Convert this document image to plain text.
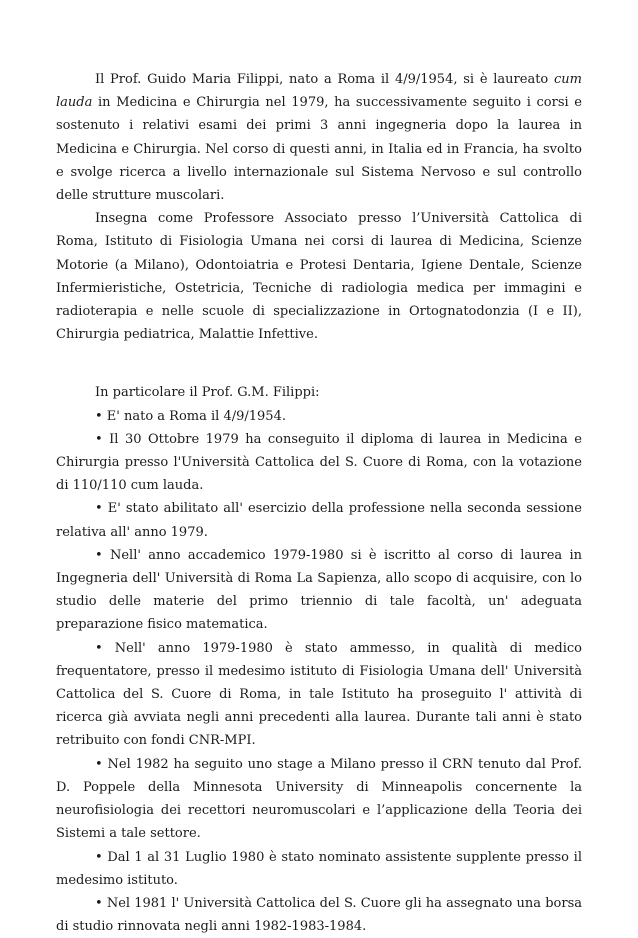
Il Prof. Guido Maria Filippi, nato a Roma il 4/9/1954, si è laureato cum lauda in Medicina e Chirurgia nel 1979, ha successivamente seguito i corsi e sostenuto i relativi esami dei primi 3 anni ingegneria dopo la laurea in Medicina e Chirurgia. Nel corso di questi anni, in Italia ed in Francia, ha svolto e svolge ricerca a livello internazionale sul Sistema Nervoso e sul controllo delle strutture muscolari.

Insegna come Professore Associato presso l’Università Cattolica di Roma, Istituto di Fisiologia Umana nei corsi di laurea di Medicina, Scienze Motorie (a Milano), Odontoiatria e Protesi Dentaria, Igiene Dentale, Scienze Infermieristiche, Ostetricia, Tecniche di radiologia medica per immagini e radioterapia e nelle scuole di specializzazione in Ortognatodonzia (I e II), Chirurgia pediatrica, Malattie Infettive.

In particolare il Prof. G.M. Filippi:

• E' nato a Roma il 4/9/1954.

• Il 30 Ottobre 1979 ha conseguito il diploma di laurea in Medicina e Chirurgia presso l'Università Cattolica del S. Cuore di Roma, con la votazione di 110/110 cum lauda.

• E' stato abilitato all' esercizio della professione nella seconda sessione relativa all' anno 1979.

• Nell' anno accademico 1979-1980 si è iscritto al corso di laurea in Ingegneria dell' Università di Roma La Sapienza, allo scopo di acquisire, con lo studio delle materie del primo triennio di tale facoltà, un' adeguata preparazione fisico matematica.

• Nell' anno 1979-1980 è stato ammesso, in qualità di medico frequentatore, presso il medesimo istituto di Fisiologia Umana dell' Università Cattolica del S. Cuore di Roma, in tale Istituto ha proseguito l' attività di ricerca già avviata negli anni precedenti alla laurea. Durante tali anni è stato retribuito con fondi CNR-MPI.

• Nel 1982 ha seguito uno stage a Milano presso il CRN tenuto dal Prof. D. Poppele della Minnesota University di Minneapolis concernente la neurofisiologia dei recettori neuromuscolari e l’applicazione della Teoria dei Sistemi a tale settore.

• Dal 1 al 31 Luglio 1980 è stato nominato assistente supplente presso il medesimo istituto.

• Nel 1981 l' Università Cattolica del S. Cuore gli ha assegnato una borsa di studio rinnovata negli anni 1982-1983-1984.
